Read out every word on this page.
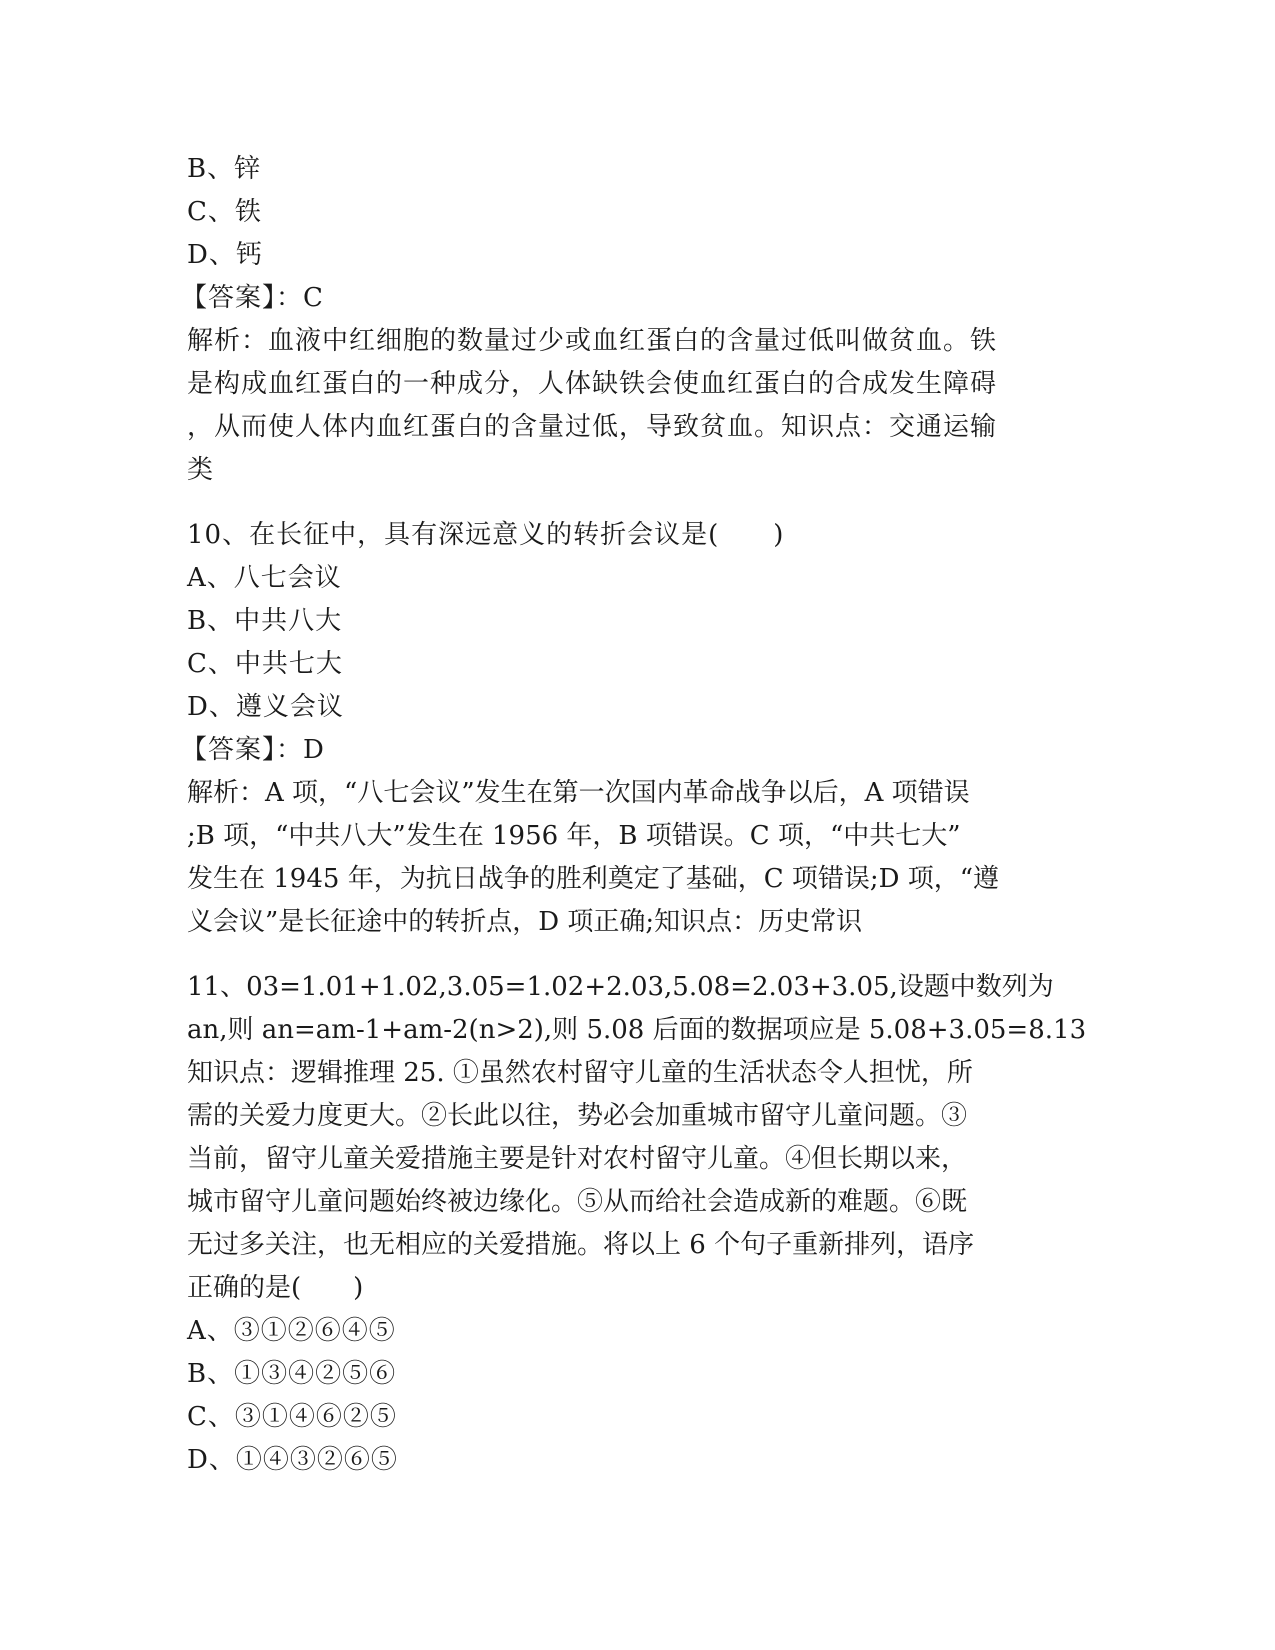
B、锌
C、铁
D、钙
【答案】：C
解析：血液中红细胞的数量过少或血红蛋白的含量过低叫做贫血。铁
是构成血红蛋白的一种成分，人体缺铁会使血红蛋白的合成发生障碍
，从而使人体内血红蛋白的含量过低，导致贫血。知识点：交通运输
类
10、在长征中，具有深远意义的转折会议是(　　)
A、八七会议
B、中共八大
C、中共七大
D、遵义会议
【答案】：D
解析：A 项，“八七会议”发生在第一次国内革命战争以后，A 项错误
;B 项，“中共八大”发生在 1956 年，B 项错误。C 项，“中共七大”
发生在 1945 年，为抗日战争的胜利奠定了基础，C 项错误;D 项，“遵
义会议”是长征途中的转折点，D 项正确;知识点：历史常识
11、03=1.01+1.02,3.05=1.02+2.03,5.08=2.03+3.05,设题中数列为
an,则 an=am-1+am-2(n>2),则 5.08 后面的数据项应是 5.08+3.05=8.13
知识点：逻辑推理 25. ①虽然农村留守儿童的生活状态令人担忧，所
需的关爱力度更大。②长此以往，势必会加重城市留守儿童问题。③
当前，留守儿童关爱措施主要是针对农村留守儿童。④但长期以来，
城市留守儿童问题始终被边缘化。⑤从而给社会造成新的难题。⑥既
无过多关注，也无相应的关爱措施。将以上 6 个句子重新排列，语序
正确的是(　　)
A、③①②⑥④⑤
B、①③④②⑤⑥
C、③①④⑥②⑤
D、①④③②⑥⑤
